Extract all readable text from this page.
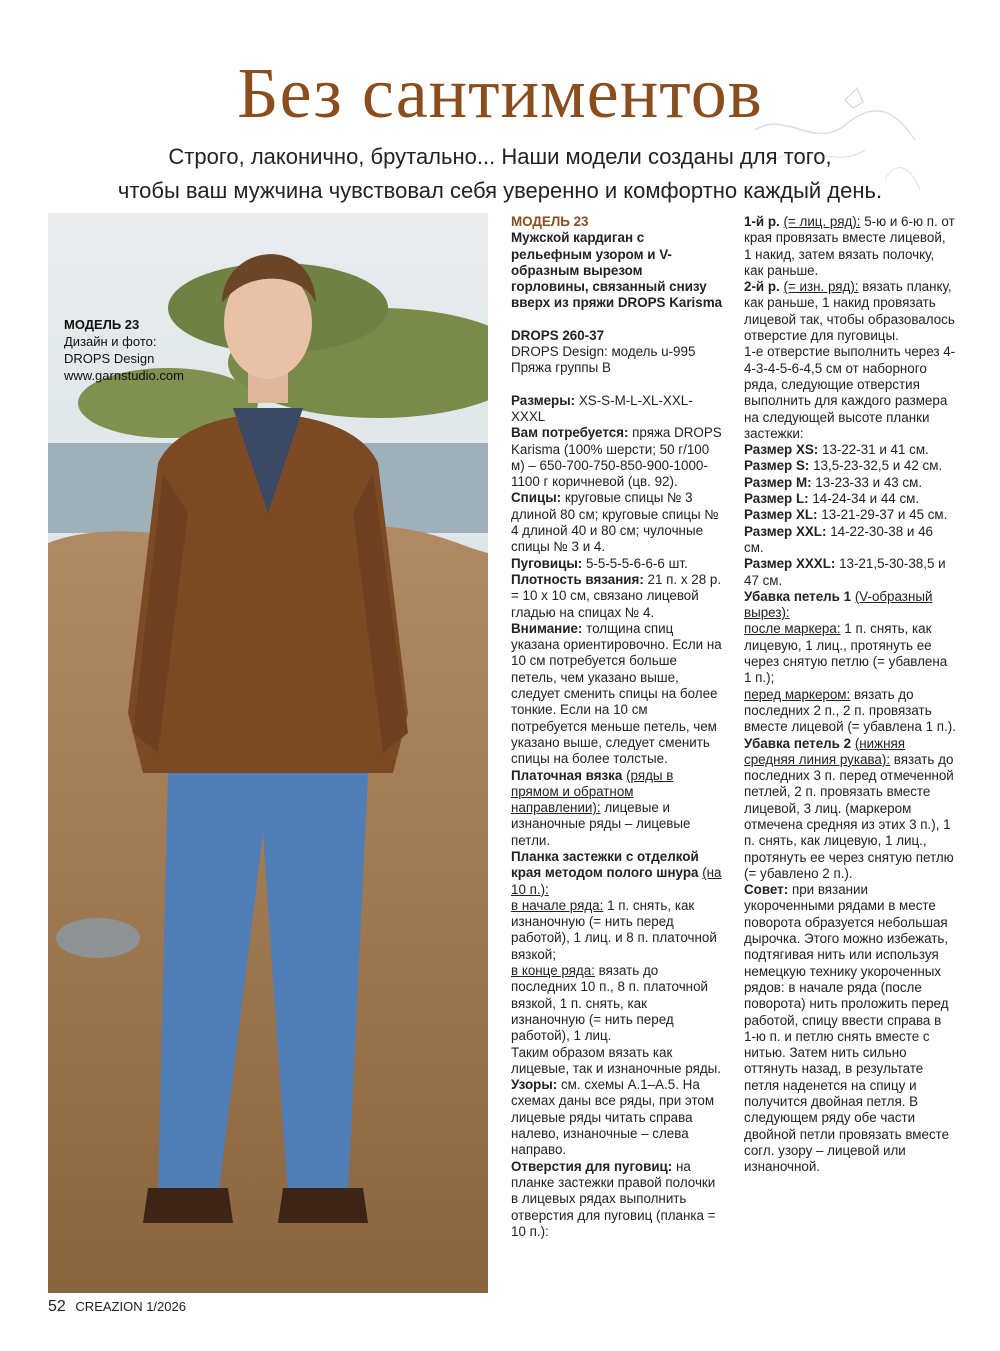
Без сантиментов
Строго, лаконично, брутально... Наши модели созданы для того,
чтобы ваш мужчина чувствовал себя уверенно и комфортно каждый день.
МОДЕЛЬ 23
Дизайн и фото:
DROPS Design
www.garnstudio.com

МОДЕЛЬ 23

Мужской кардиган с рельефным узором и V-образным вырезом горловины, связанный снизу вверх из пряжи DROPS Karisma

DROPS 260-37

DROPS Design: модель u-995

Пряжа группы B

Размеры: XS-S-M-L-XL-XXL-XXXL

Вам потребуется: пряжа DROPS Karisma (100% шерсти; 50 г/100 м) – 650-700-750-850-900-1000-1100 г коричневой (цв. 92).

Спицы: круговые спицы № 3 длиной 80 см; круговые спицы № 4 длиной 40 и 80 см; чулочные спицы № 3 и 4.

Пуговицы: 5-5-5-5-6-6-6 шт.

Плотность вязания: 21 п. х 28 р. = 10 х 10 см, связано лицевой гладью на спицах № 4.

Внимание: толщина спиц указана ориентировочно. Если на 10 см потребуется больше петель, чем указано выше, следует сменить спицы на более тонкие. Если на 10 см потребуется меньше петель, чем указано выше, следует сменить спицы на более толстые.

Платочная вязка (ряды в прямом и обратном направлении): лицевые и изнаночные ряды – лицевые петли.

Планка застежки с отделкой края методом полого шнура (на 10 п.):

в начале ряда: 1 п. снять, как изнаночную (= нить перед работой), 1 лиц. и 8 п. платочной вязкой;

в конце ряда: вязать до последних 10 п., 8 п. платочной вязкой, 1 п. снять, как изнаночную (= нить перед работой), 1 лиц.

Таким образом вязать как лицевые, так и изнаночные ряды.

Узоры: см. схемы А.1–А.5. На схемах даны все ряды, при этом лицевые ряды читать справа налево, изнаночные – слева направо.

Отверстия для пуговиц: на планке застежки правой полочки в лицевых рядах выполнить отверстия для пуговиц (планка = 10 п.):

1-й р. (= лиц. ряд): 5-ю и 6-ю п. от края провязать вместе лицевой, 1 накид, затем вязать полочку, как раньше.

2-й р. (= изн. ряд): вязать планку, как раньше, 1 накид провязать лицевой так, чтобы образовалось отверстие для пуговицы.

1-е отверстие выполнить через 4-4-3-4-5-6-4,5 см от наборного ряда, следующие отверстия выполнить для каждого размера на следующей высоте планки застежки:

Размер XS: 13-22-31 и 41 см.

Размер S: 13,5-23-32,5 и 42 см.

Размер M: 13-23-33 и 43 см.

Размер L: 14-24-34 и 44 см.

Размер XL: 13-21-29-37 и 45 см.

Размер XXL: 14-22-30-38 и 46 см.

Размер XXXL: 13-21,5-30-38,5 и 47 см.

Убавка петель 1 (V-образный вырез):

после маркера: 1 п. снять, как лицевую, 1 лиц., протянуть ее через снятую петлю (= убавлена 1 п.);

перед маркером: вязать до последних 2 п., 2 п. провязать вместе лицевой (= убавлена 1 п.).

Убавка петель 2 (нижняя средняя линия рукава): вязать до последних 3 п. перед отмеченной петлей, 2 п. провязать вместе лицевой, 3 лиц. (маркером отмечена средняя из этих 3 п.), 1 п. снять, как лицевую, 1 лиц., протянуть ее через снятую петлю (= убавлено 2 п.).

Совет: при вязании укороченными рядами в месте поворота образуется небольшая дырочка. Этого можно избежать, подтягивая нить или используя немецкую технику укороченных рядов: в начале ряда (после поворота) нить проложить перед работой, спицу ввести справа в 1-ю п. и петлю снять вместе с нитью. Затем нить сильно оттянуть назад, в результате петля наденется на спицу и получится двойная петля. В следующем ряду обе части двойной петли провязать вместе согл. узору – лицевой или изнаночной.

52 CREAZION 1/2026
